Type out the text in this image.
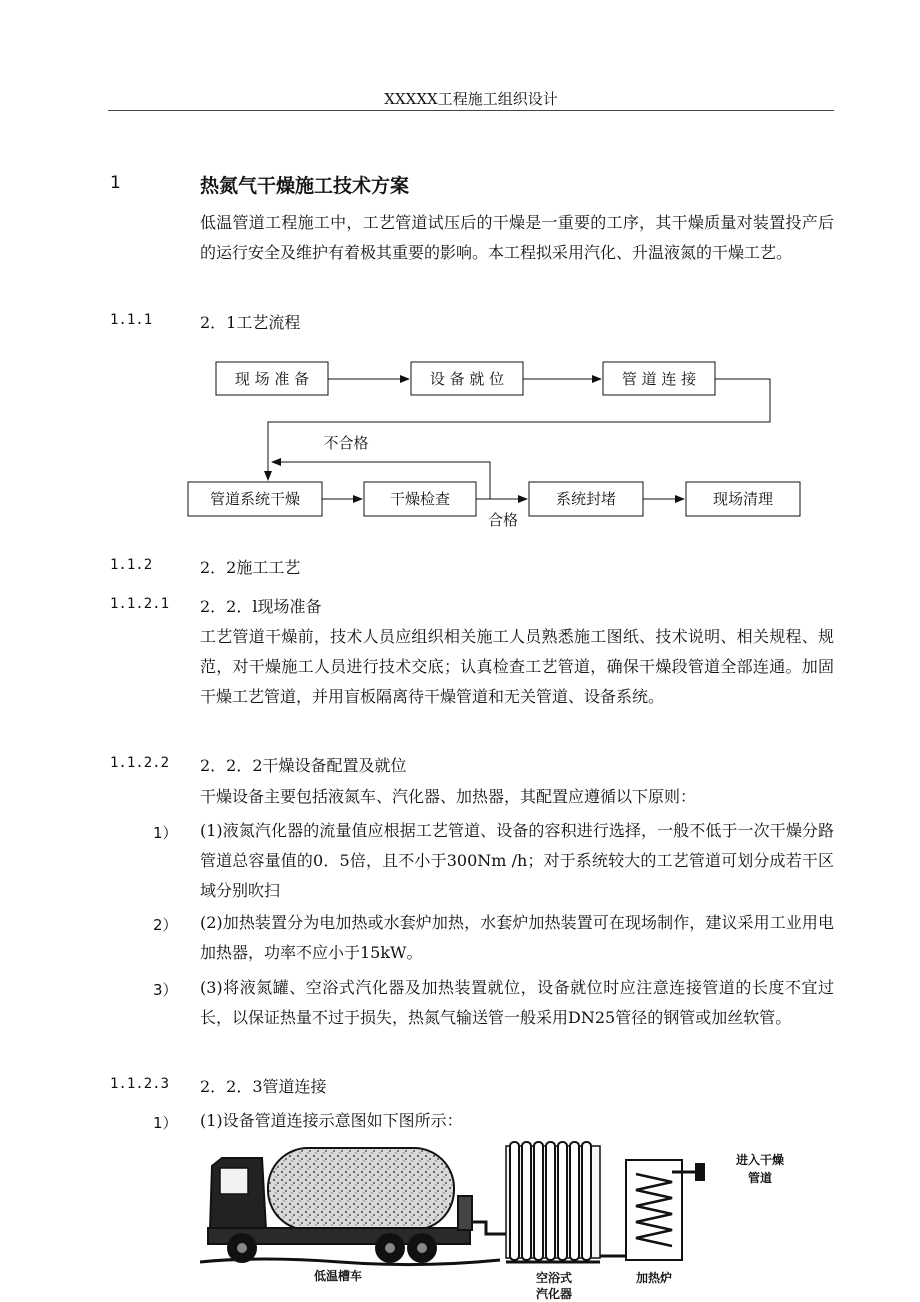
XXXXX工程施工组织设计
1	热氮气干燥施工技术方案
低温管道工程施工中，工艺管道试压后的干燥是一重要的工序，其干燥质量对装置投产后的运行安全及维护有着极其重要的影响。本工程拟采用汽化、升温液氮的干燥工艺。
1.1.1	2．1工艺流程
现 场 准 备	设 备 就 位	管 道 连 接
管道系统干燥	干燥检查	系统封堵	现场清理
不合格
合格
1.1.2	2．2施工工艺
1.1.2.1 2．2．l现场准备
工艺管道干燥前，技术人员应组织相关施工人员熟悉施工图纸、技术说明、相关规程、规范，对干燥施工人员进行技术交底；认真检查工艺管道，确保干燥段管道全部连通。加固干燥工艺管道，并用盲板隔离待干燥管道和无关管道、设备系统。
1.1.2.2 2．2．2干燥设备配置及就位
干燥设备主要包括液氮车、汽化器、加热器，其配置应遵循以下原则：
1） (1)液氮汽化器的流量值应根据工艺管道、设备的容积进行选择，一般不低于一次干燥分路管道总容量值的0．5倍，且不小于300Nm /h；对于系统较大的工艺管道可划分成若干区域分别吹扫
2） (2)加热装置分为电加热或水套炉加热，水套炉加热装置可在现场制作，建议采用工业用电加热器，功率不应小于15kW。
3） (3)将液氮罐、空浴式汽化器及加热装置就位，设备就位时应注意连接管道的长度不宜过长，以保证热量不过于损失，热氮气输送管一般采用DN25管径的钢管或加丝软管。
1.1.2.3 2．2．3管道连接
1） (1)设备管道连接示意图如下图所示：
低温槽车	空浴式
汽化器
加热炉
进入干燥
管道
